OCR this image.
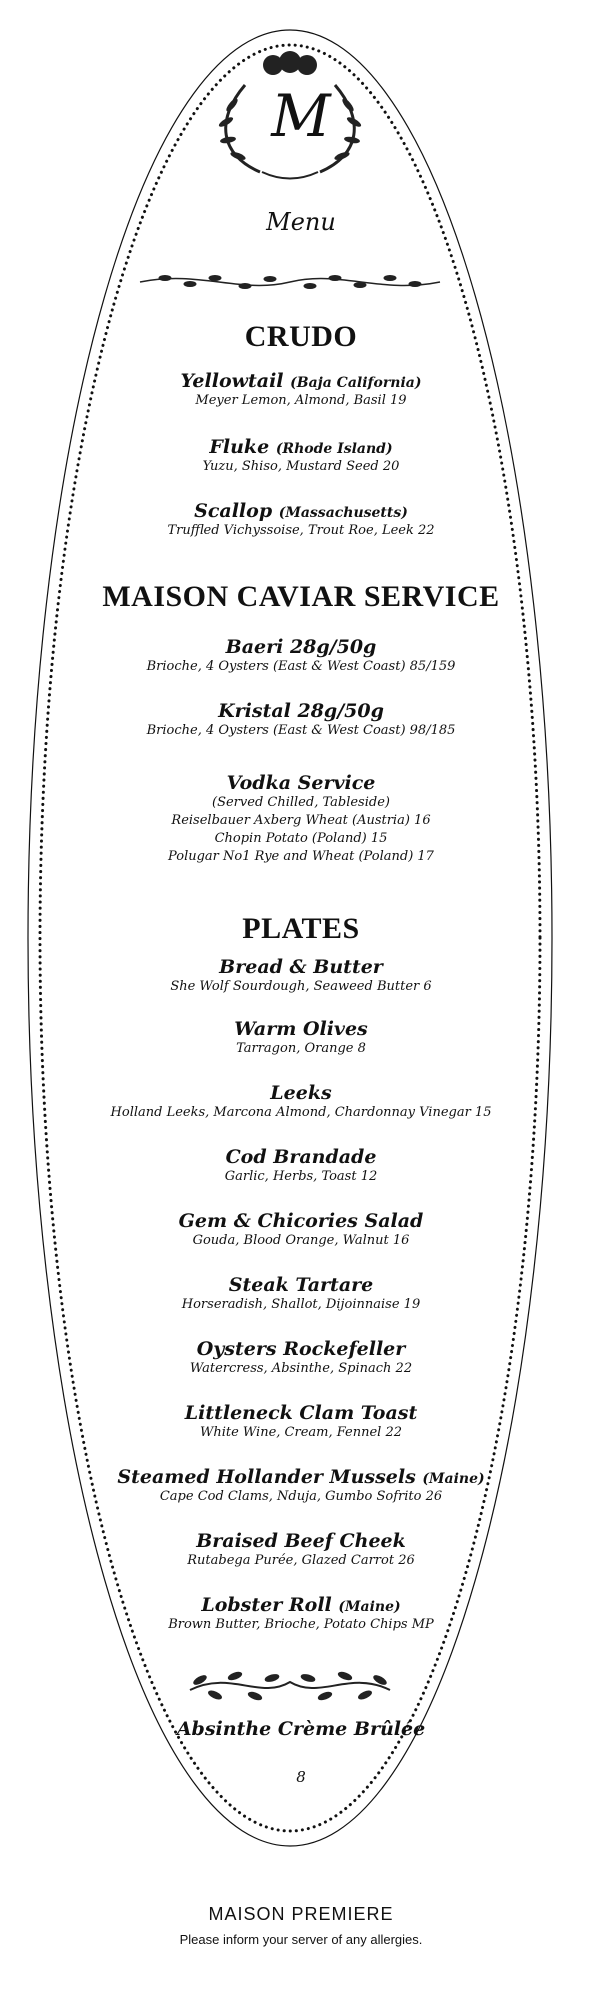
M
Menu
CRUDO
Yellowtail (Baja California)
Meyer Lemon, Almond, Basil 19
Fluke (Rhode Island)
Yuzu, Shiso, Mustard Seed 20
Scallop (Massachusetts)
Truffled Vichyssoise, Trout Roe, Leek 22
MAISON CAVIAR SERVICE
Baeri 28g/50g
Brioche, 4 Oysters (East & West Coast) 85/159
Kristal 28g/50g
Brioche, 4 Oysters (East & West Coast) 98/185
Vodka Service
(Served Chilled, Tableside)
Reiselbauer Axberg Wheat (Austria) 16
Chopin Potato (Poland) 15
Polugar No1 Rye and Wheat (Poland) 17
PLATES
Bread & Butter
She Wolf Sourdough, Seaweed Butter 6
Warm Olives
Tarragon, Orange 8
Leeks
Holland Leeks, Marcona Almond, Chardonnay Vinegar 15
Cod Brandade
Garlic, Herbs, Toast 12
Gem & Chicories Salad
Gouda, Blood Orange, Walnut 16
Steak Tartare
Horseradish, Shallot, Dijoinnaise 19
Oysters Rockefeller
Watercress, Absinthe, Spinach 22
Littleneck Clam Toast
White Wine, Cream, Fennel 22
Steamed Hollander Mussels (Maine)
Cape Cod Clams, Nduja, Gumbo Sofrito 26
Braised Beef Cheek
Rutabega Purée, Glazed Carrot 26
Lobster Roll (Maine)
Brown Butter, Brioche, Potato Chips MP
Absinthe Crème Brûlée
8
MAISON PREMIERE
Please inform your server of any allergies.
